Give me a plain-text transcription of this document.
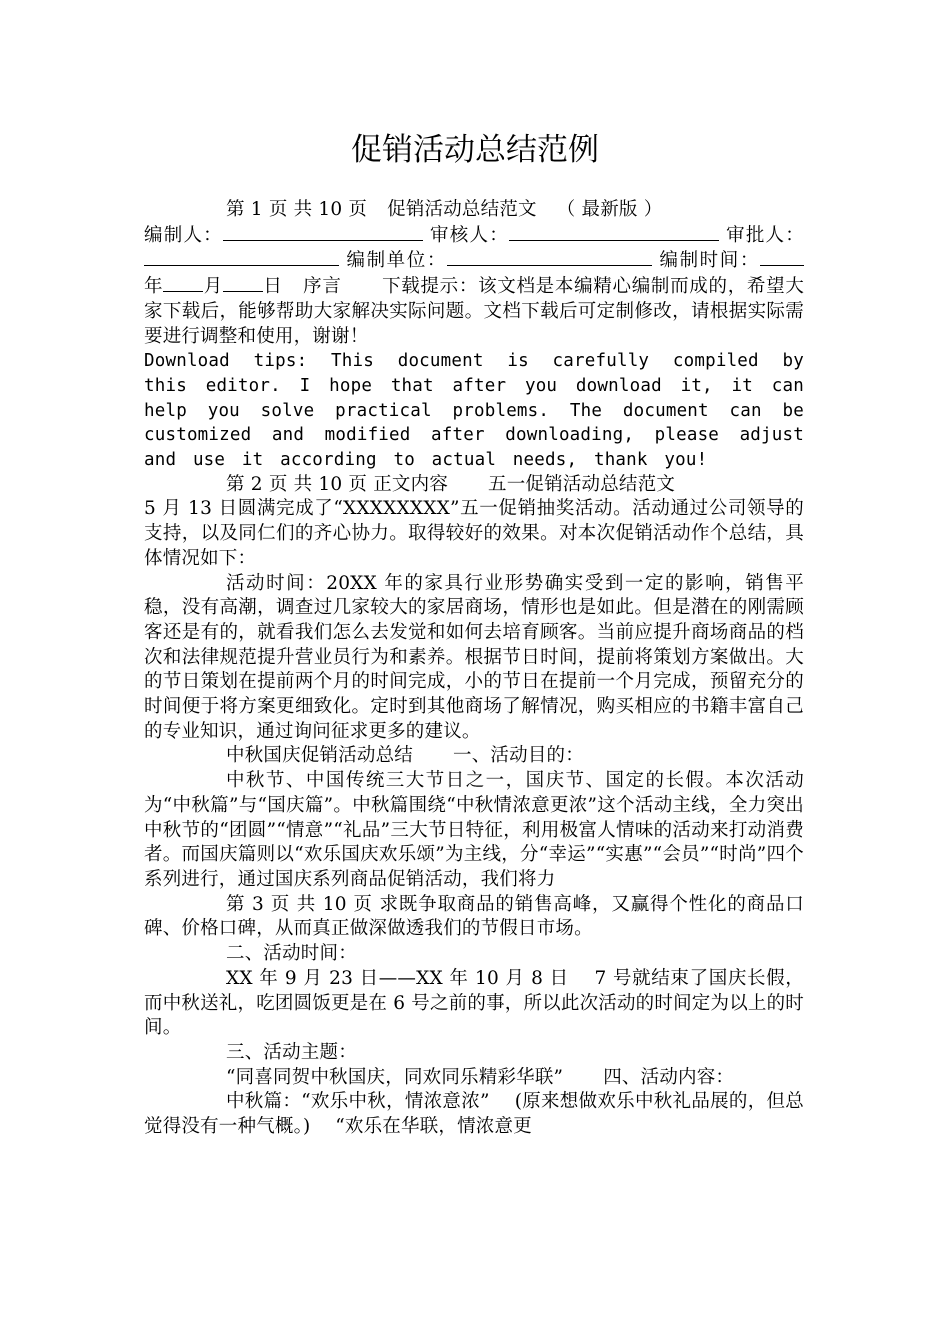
促销活动总结范例

第 1 页 共 10 页 促销活动总结范文 （ 最新版 ）

编制人：	审核人：	审批人： 编制单位：	编制时间：年 月 日 序言 下载提示：该文档是本编精心编制而成的，希望大家下载后，能够帮助大家解决实际问题。文档下载后可定制修改，请根据实际需要进行调整和使用，谢谢！

Download tips: This document is carefully compiled by this editor. I hope that after you download it, it can help you solve practical problems. The document can be customized and modified after downloading, please adjust and use it according to actual needs, thank you!

第 2 页 共 10 页 正文内容 五一促销活动总结范文

5 月 13 日圆满完成了“XXXXXXXX”五一促销抽奖活动。活动通过公司领导的支持，以及同仁们的齐心协力。取得较好的效果。对本次促销活动作个总结，具体情况如下：

活动时间：20XX 年的家具行业形势确实受到一定的影响，销售平稳，没有高潮，调查过几家较大的家居商场，情形也是如此。但是潜在的刚需顾客还是有的，就看我们怎么去发觉和如何去培育顾客。当前应提升商场商品的档次和法律规范提升营业员行为和素养。根据节日时间，提前将策划方案做出。大的节日策划在提前两个月的时间完成，小的节日在提前一个月完成，预留充分的时间便于将方案更细致化。定时到其他商场了解情况，购买相应的书籍丰富自己的专业知识，通过询问征求更多的建议。

中秋国庆促销活动总结 一、活动目的：

中秋节、中国传统三大节日之一，国庆节、国定的长假。本次活动为“中秋篇”与“国庆篇”。中秋篇围绕“中秋情浓意更浓”这个活动主线，全力突出中秋节的“团圆”“情意”“礼品”三大节日特征，利用极富人情味的活动来打动消费者。而国庆篇则以“欢乐国庆欢乐颂”为主线，分“幸运”“实惠”“会员”“时尚”四个系列进行，通过国庆系列商品促销活动，我们将力

第 3 页 共 10 页 求既争取商品的销售高峰，又赢得个性化的商品口碑、价格口碑，从而真正做深做透我们的节假日市场。

二、活动时间：

XX 年 9 月 23 日——XX 年 10 月 8 日　 7 号就结束了国庆长假，而中秋送礼，吃团圆饭更是在 6 号之前的事，所以此次活动的时间定为以上的时间。

三、活动主题：

“同喜同贺中秋国庆，同欢同乐精彩华联” 四、活动内容：

中秋篇：“欢乐中秋，情浓意浓”　 (原来想做欢乐中秋礼品展的，但总觉得没有一种气概。)　 “欢乐在华联，情浓意更
